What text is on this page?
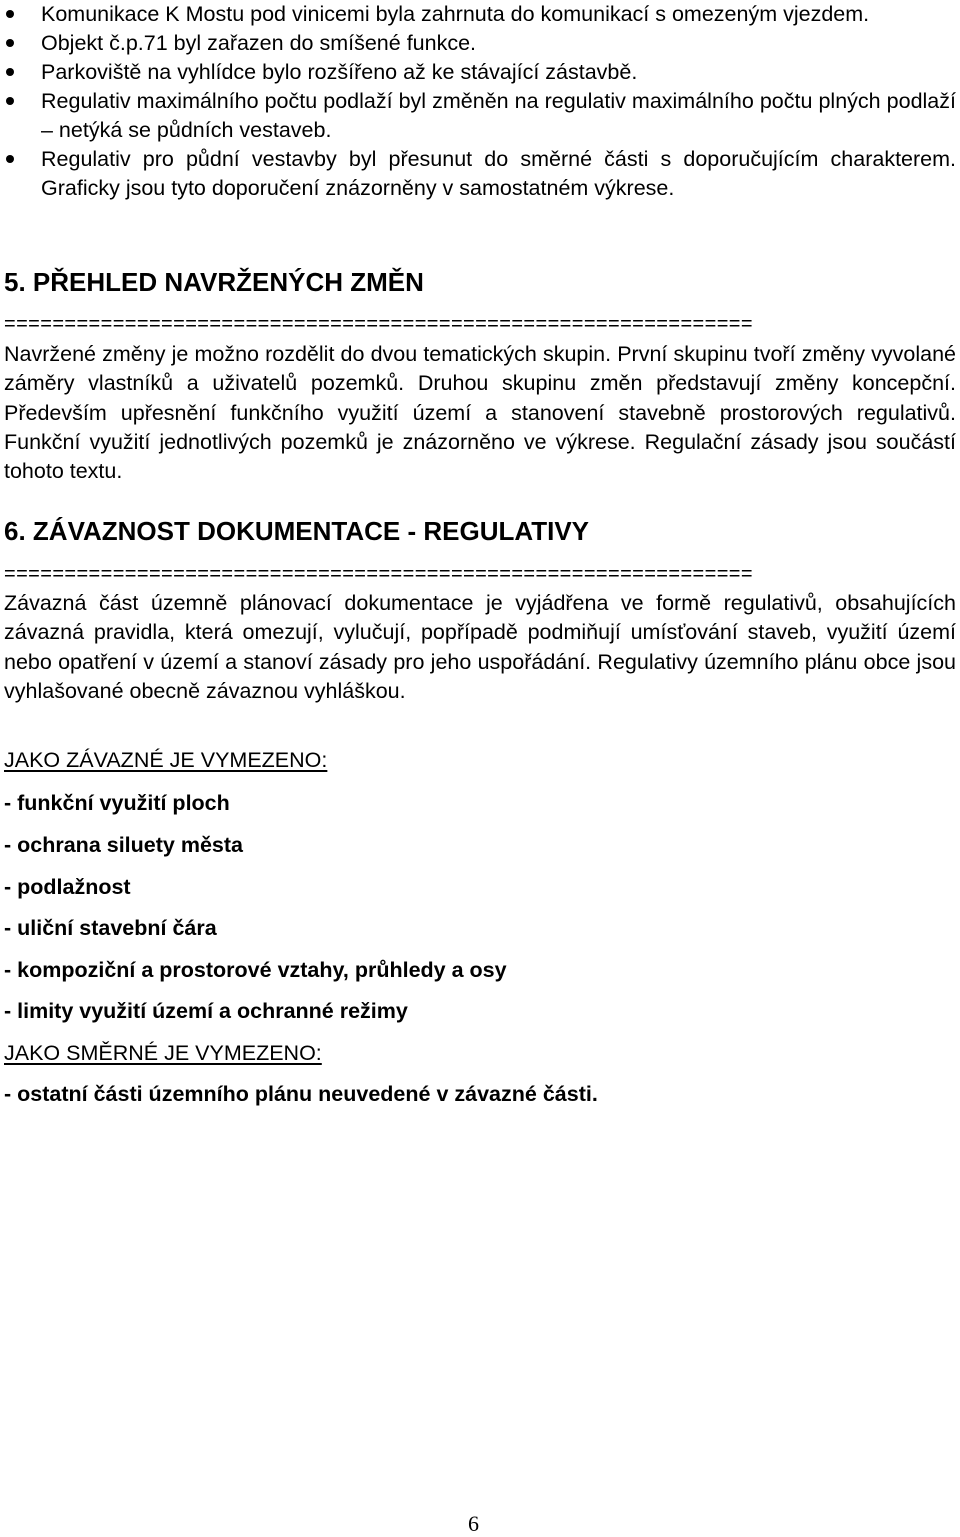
Komunikace K Mostu pod vinicemi byla zahrnuta do komunikací s omezeným vjezdem.
Objekt č.p.71 byl zařazen do smíšené funkce.
Parkoviště na vyhlídce bylo rozšířeno až ke stávající zástavbě.
Regulativ maximálního počtu podlaží byl změněn na regulativ maximálního počtu plných podlaží – netýká se půdních vestaveb.
Regulativ pro půdní vestavby byl přesunut do směrné části s doporučujícím charakterem. Graficky jsou tyto doporučení znázorněny v samostatném výkrese.
5. PŘEHLED NAVRŽENÝCH ZMĚN
==============================================================
Navržené změny je možno rozdělit do dvou tematických skupin. První skupinu tvoří změny vyvolané záměry vlastníků a uživatelů pozemků. Druhou skupinu změn představují změny koncepční. Především upřesnění funkčního využití území a stanovení stavebně prostorových regulativů. Funkční využití jednotlivých pozemků je znázorněno ve výkrese. Regulační zásady jsou součástí tohoto textu.
6. ZÁVAZNOST DOKUMENTACE - REGULATIVY
==============================================================
Závazná část územně plánovací dokumentace je vyjádřena ve formě regulativů, obsahujících závazná pravidla, která omezují, vylučují, popřípadě podmiňují umísťování staveb, využití území nebo opatření v území a stanoví zásady pro jeho uspořádání. Regulativy územního plánu obce jsou vyhlašované obecně závaznou vyhláškou.
JAKO ZÁVAZNÉ JE VYMEZENO:
- funkční využití ploch
- ochrana siluety města
- podlažnost
- uliční stavební čára
- kompoziční a prostorové vztahy, průhledy a osy
- limity využití území a ochranné režimy
JAKO SMĚRNÉ JE VYMEZENO:
- ostatní části územního plánu neuvedené v závazné části.
6
